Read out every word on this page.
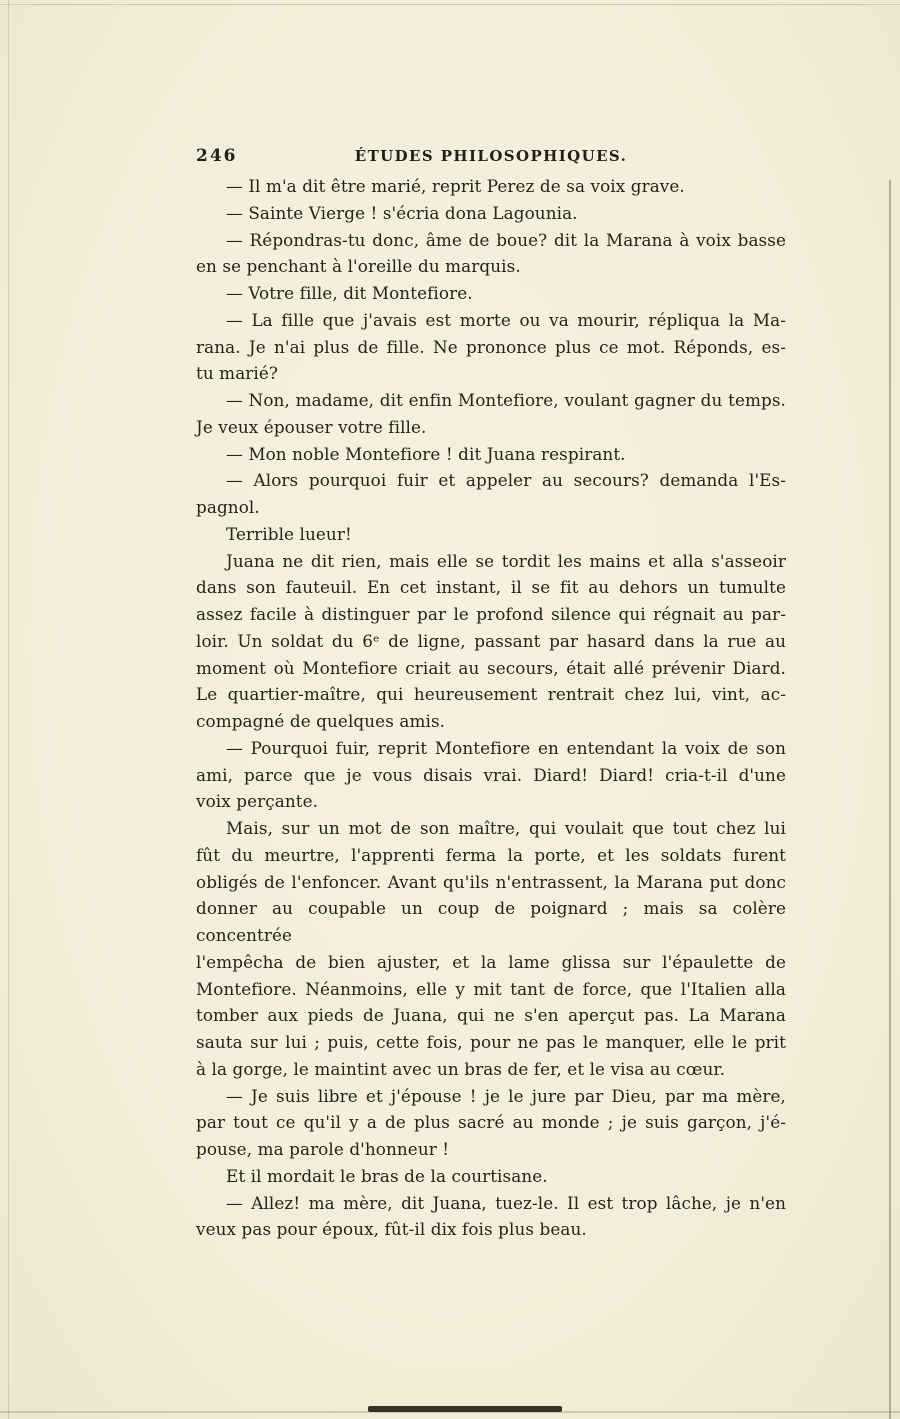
246	ÉTUDES PHILOSOPHIQUES.
— Il m'a dit être marié, reprit Perez de sa voix grave.
— Sainte Vierge ! s'écria dona Lagounia.
— Répondras-tu donc, âme de boue? dit la Marana à voix basse
en se penchant à l'oreille du marquis.
— Votre fille, dit Montefiore.
— La fille que j'avais est morte ou va mourir, répliqua la Ma-
rana. Je n'ai plus de fille. Ne prononce plus ce mot. Réponds, es-
tu marié?
— Non, madame, dit enfin Montefiore, voulant gagner du temps.
Je veux épouser votre fille.
— Mon noble Montefiore ! dit Juana respirant.
— Alors pourquoi fuir et appeler au secours? demanda l'Es-
pagnol.
Terrible lueur!
Juana ne dit rien, mais elle se tordit les mains et alla s'asseoir
dans son fauteuil. En cet instant, il se fit au dehors un tumulte
assez facile à distinguer par le profond silence qui régnait au par-
loir. Un soldat du 6ᵉ de ligne, passant par hasard dans la rue au
moment où Montefiore criait au secours, était allé prévenir Diard.
Le quartier-maître, qui heureusement rentrait chez lui, vint, ac-
compagné de quelques amis.
— Pourquoi fuir, reprit Montefiore en entendant la voix de son
ami, parce que je vous disais vrai. Diard! Diard! cria-t-il d'une
voix perçante.
Mais, sur un mot de son maître, qui voulait que tout chez lui
fût du meurtre, l'apprenti ferma la porte, et les soldats furent
obligés de l'enfoncer. Avant qu'ils n'entrassent, la Marana put donc
donner au coupable un coup de poignard ; mais sa colère concentrée
l'empêcha de bien ajuster, et la lame glissa sur l'épaulette de
Montefiore. Néanmoins, elle y mit tant de force, que l'Italien alla
tomber aux pieds de Juana, qui ne s'en aperçut pas. La Marana
sauta sur lui ; puis, cette fois, pour ne pas le manquer, elle le prit
à la gorge, le maintint avec un bras de fer, et le visa au cœur.
— Je suis libre et j'épouse ! je le jure par Dieu, par ma mère,
par tout ce qu'il y a de plus sacré au monde ; je suis garçon, j'é-
pouse, ma parole d'honneur !
Et il mordait le bras de la courtisane.
— Allez! ma mère, dit Juana, tuez-le. Il est trop lâche, je n'en
veux pas pour époux, fût-il dix fois plus beau.
